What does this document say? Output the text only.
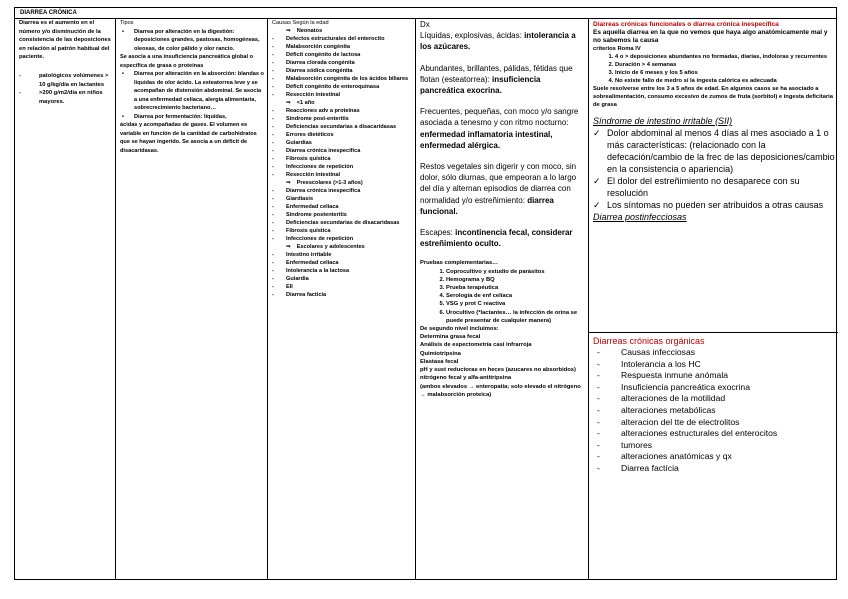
DIARREA CRÓNICA

Diarrea es el aumento en el número y/o disminución de la consistencia de las deposiciones en relación al patrón habitual del paciente.

-	patológicos volúmenes > 10 g/kg/día en lactantes
-	>200 g/m2/día en niños mayores.

Tipos

•	Diarrea por alteración en la digestión: deposiciones grandes, pastosas, homogéneas, oleosas, de color pálido y olor rancio.

Se asocia a una insuficiencia pancreática global o específica de grasa o proteínas

•	Diarrea por alteración en la absorción: blandas o líquidas de olor ácido. La esteatorrea leve y se acompañan de distensión abdominal. Se asocia a una enfermedad celíaca, alergia alimentaria, sobrecrecimiento bacteriano…
•	Diarrea por fermentación: líquidas,

ácidas y acompañadas de gases. El volumen es variable en función de la cantidad de carbohidratos que se hayan ingerido. Se asocia a un déficit de disacaridasas.

Causas Según la edad

⇒ Neonatos
-	Defectos estructurales del enterocito
-	Malabsorción congénita
-	Déficit congénito de lactosa
-	Diarrea clorada congénita
-	Diarrea sódica congénita
-	Malabsorción congénita de los ácidos biliares
-	Déficit congénito de enteroquinasa
-	Resección intestinal
⇒ <1 año
-	Reacciones adv a proteínas
-	Síndrome post-enteritis
-	Deficiencias secundarias a disacaridasas
-	Errores dietéticos
-	Guiardias
-	Diarrea crónica inespecífica
-	Fibrosis quística
-	Infecciones de repetición
-	Resección intestinal
⇒ Preescolares (>1-3 años)
-	Diarrea crónica inespecífica
-	Giardiasis
-	Enfermedad celiaca
-	Síndrome postenteritis
-	Deficiencias secundarias de disacaridasas
-	Fibrosis quística
-	Infecciones de repetición
⇒ Escolares y adolescentes
-	Intestino irritable
-	Enfermedad celiaca
-	Intolerancia a la lactosa
-	Guiardia
-	EII
-	Diarrea facticia

Dx

Líquidas, explosivas, ácidas: intolerancia a los azúcares.
Abundantes, brillantes, pálidas, fétidas que flotan (esteatorrea): insuficiencia pancreática exocrina.
Frecuentes, pequeñas, con moco y/o sangre asociada a tenesmo y con ritmo nocturno: enfermedad inflamatoria intestinal, enfermedad alérgica.
Restos vegetales sin digerir y con moco, sin dolor, sólo diurnas, que empeoran a lo largo del día y alternan episodios de diarrea con normalidad y/o estreñimiento: diarrea funcional.
Escapes: incontinencia fecal, considerar estreñimiento oculto.

Pruebas complementarias…

1. Coprocultivo y estudio de parásitos
2. Hemograma y BQ
3. Prueba terapéutica
4. Serología de enf celíaca
5. VSG y prot C reactiva
6. Urocultivo (*lactantes… la infección de orina se puede presentar de cualquier manera)

De segundo nivel incluimos:

Determina grasa fecal

Análisis de espectometría casi infrarroja

Quimiotripsina

Elastasa fecal

pH y sust reductoras en heces (azucares no absorbidos)

nitrógeno fecal y alfa-antitripsina

(ambos elevados → enteropatía; solo elevado el nitrógeno → malabsorción proteica)

Diarreas crónicas funcionales o diarrea crónica inespecífica

Es aquella diarrea en la que no vemos que haya algo anatómicamente mal y no sabemos la causa

criterios Roma IV

1. 4 o > deposiciones abundantes no formadas, diarias, indoloras y recurrentes
2. Duración > 4 semanas
3. Inicio de 6 meses y los 5 años
4. No existe fallo de medro si la ingesta calórica es adecuada

Suele resolverse entre los 3 a 5 años de edad. En algunos casos se ha asociado a sobrealimentación, consumo excesivo de zumos de fruta (sorbitol) e ingesta deficitaria de grasa

Síndrome de intestino irritable (SII)

✓ Dolor abdominal al menos 4 días al mes asociado a 1 o más características: (relacionado con la defecación/cambio de la frec de las deposiciones/cambio en la consistencia o apariencia)
✓ El dolor del estreñimiento no desaparece con su resolución
✓ Los síntomas no pueden ser atribuidos a otras causas

Diarrea postinfecciosas

Diarreas crónicas orgánicas

-	Causas infecciosas
-	Intolerancia a los HC
-	Respuesta inmune anómala
-	Insuficiencia pancreática exocrina
-	alteraciones de la motilidad
-	alteraciones metabólicas
-	alteracion del tte de electrolitos
-	alteraciones estructurales del enterocitos
-	tumores
-	alteraciones anatómicas y qx
-	Diarrea factícia
